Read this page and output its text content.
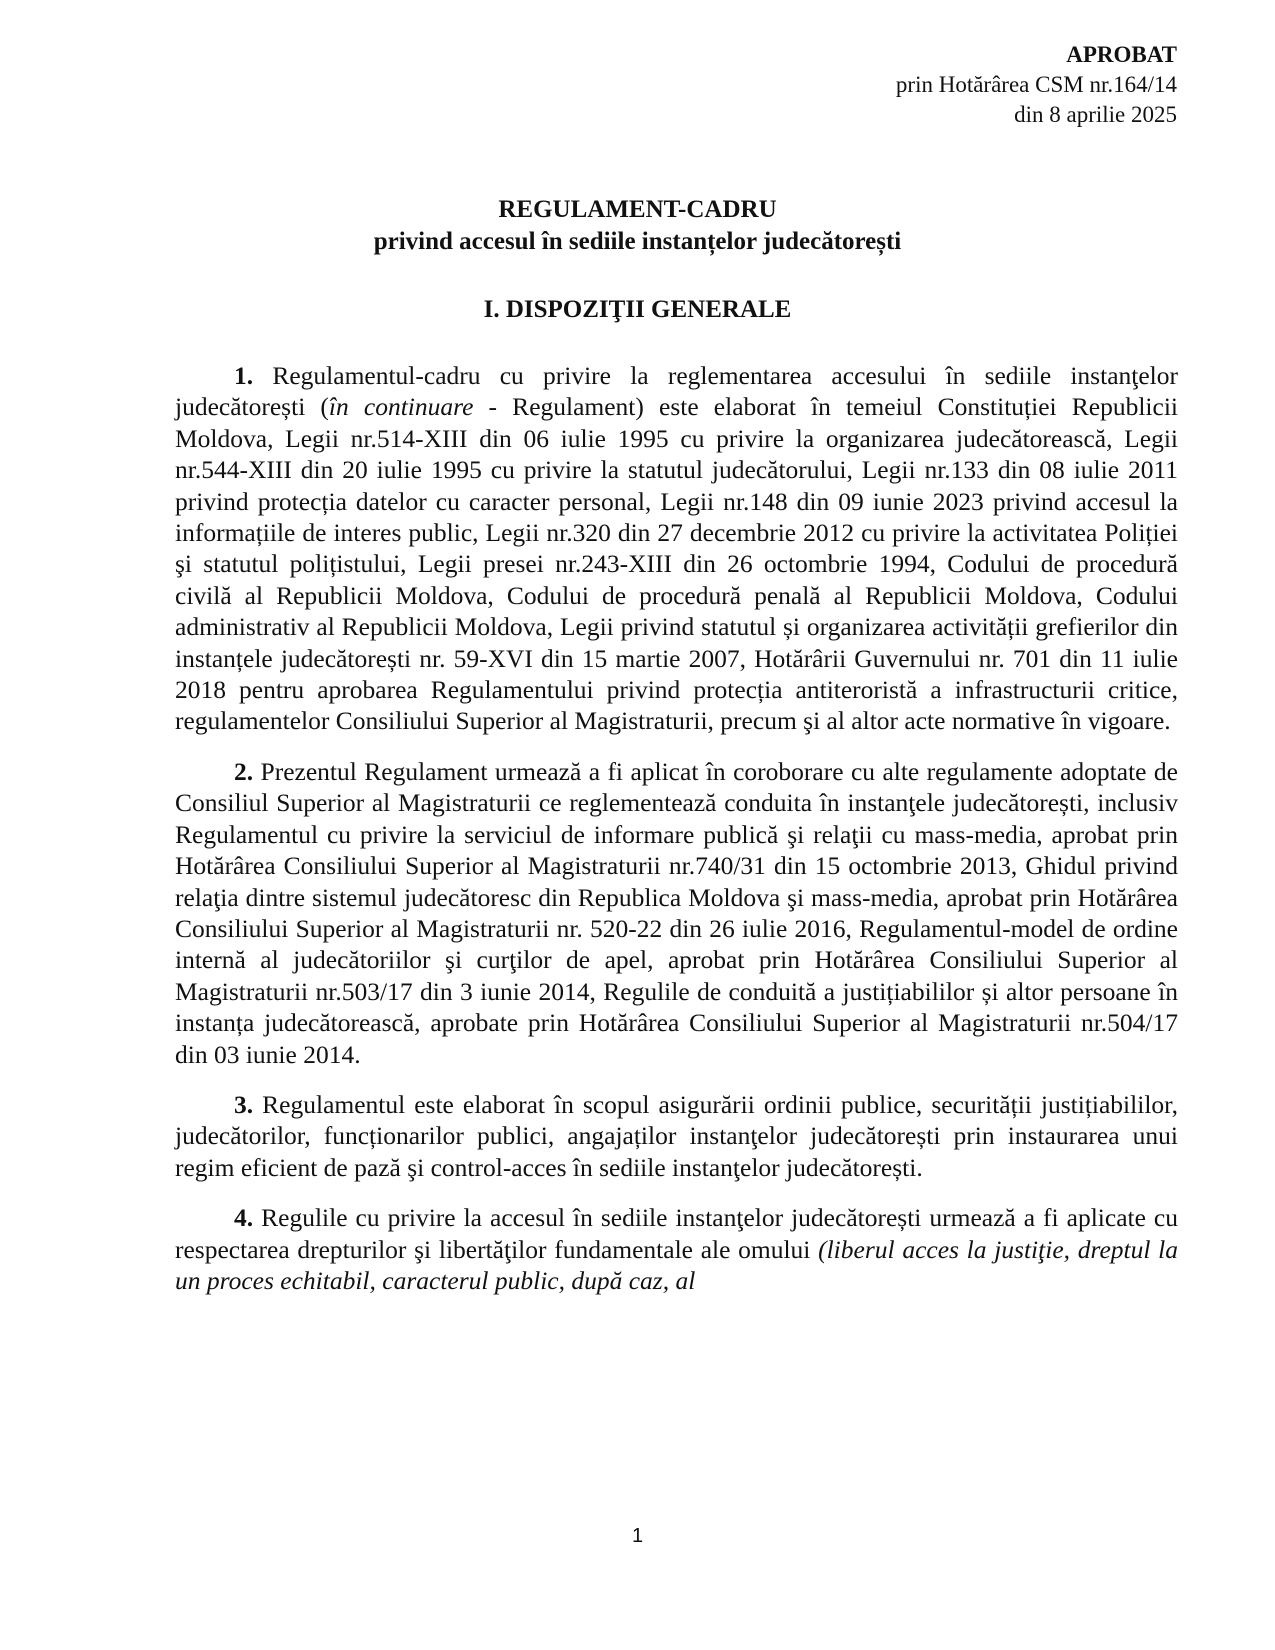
APROBAT
prin Hotărârea CSM nr.164/14
din 8 aprilie 2025
REGULAMENT-CADRU
privind accesul în sediile instanțelor judecătorești
I. DISPOZIŢII GENERALE

1. Regulamentul-cadru cu privire la reglementarea accesului în sediile instanţelor judecătorești (în continuare - Regulament) este elaborat în temeiul Constituției Republicii Moldova, Legii nr.514-XIII din 06 iulie 1995 cu privire la organizarea judecătorească, Legii nr.544-XIII din 20 iulie 1995 cu privire la statutul judecătorului, Legii nr.133 din 08 iulie 2011 privind protecția datelor cu caracter personal, Legii nr.148 din 09 iunie 2023 privind accesul la informațiile de interes public, Legii nr.320 din 27 decembrie 2012 cu privire la activitatea Poliției şi statutul polițistului, Legii presei nr.243-XIII din 26 octombrie 1994, Codului de procedură civilă al Republicii Moldova, Codului de procedură penală al Republicii Moldova, Codului administrativ al Republicii Moldova, Legii privind statutul și organizarea activității grefierilor din instanțele judecătorești nr. 59-XVI din 15 martie 2007, Hotărârii Guvernului nr. 701 din 11 iulie 2018 pentru aprobarea Regulamentului privind protecția antiteroristă a infrastructurii critice, regulamentelor Consiliului Superior al Magistraturii, precum şi al altor acte normative în vigoare.

2. Prezentul Regulament urmează a fi aplicat în coroborare cu alte regulamente adoptate de Consiliul Superior al Magistraturii ce reglementează conduita în instanţele judecătorești, inclusiv Regulamentul cu privire la serviciul de informare publică şi relaţii cu mass-media, aprobat prin Hotărârea Consiliului Superior al Magistraturii nr.740/31 din 15 octombrie 2013, Ghidul privind relaţia dintre sistemul judecătoresc din Republica Moldova şi mass-media, aprobat prin Hotărârea Consiliului Superior al Magistraturii nr. 520-22 din 26 iulie 2016, Regulamentul-model de ordine internă al judecătoriilor şi curţilor de apel, aprobat prin Hotărârea Consiliului Superior al Magistraturii nr.503/17 din 3 iunie 2014, Regulile de conduită a justițiabililor și altor persoane în instanța judecătorească, aprobate prin Hotărârea Consiliului Superior al Magistraturii nr.504/17 din 03 iunie 2014.

3. Regulamentul este elaborat în scopul asigurării ordinii publice, securității justițiabililor, judecătorilor, funcționarilor publici, angajaților instanţelor judecătorești prin instaurarea unui regim eficient de pază şi control-acces în sediile instanţelor judecătorești.

4. Regulile cu privire la accesul în sediile instanţelor judecătorești urmează a fi aplicate cu respectarea drepturilor şi libertăţilor fundamentale ale omului (liberul acces la justiţie, dreptul la un proces echitabil, caracterul public, după caz, al

1
